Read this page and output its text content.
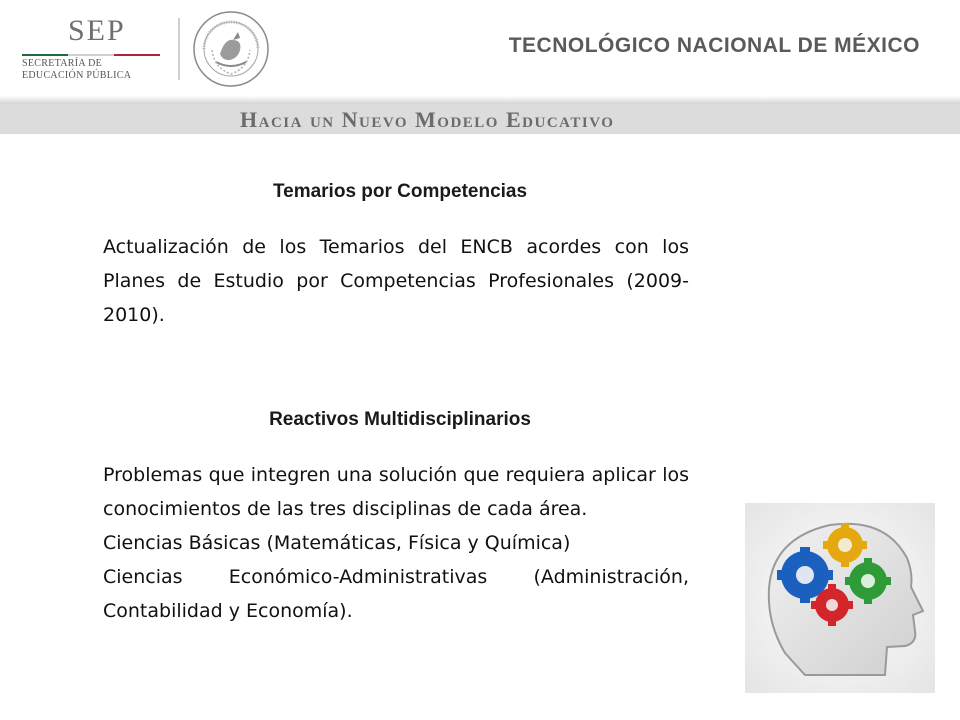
SEP
SECRETARÍA DE
EDUCACIÓN PÚBLICA
TECNOLÓGICO NACIONAL DE MÉXICO
Hacia un Nuevo Modelo Educativo
Temarios por Competencias
Actualización de los Temarios del ENCB acordes con los Planes de Estudio por Competencias Profesionales (2009-2010).
Reactivos Multidisciplinarios
Problemas que integren una solución que requiera aplicar los conocimientos de las tres disciplinas de cada área.
Ciencias Básicas (Matemáticas, Física y Química)
Ciencias Económico-Administrativas (Administración, Contabilidad y Economía).
